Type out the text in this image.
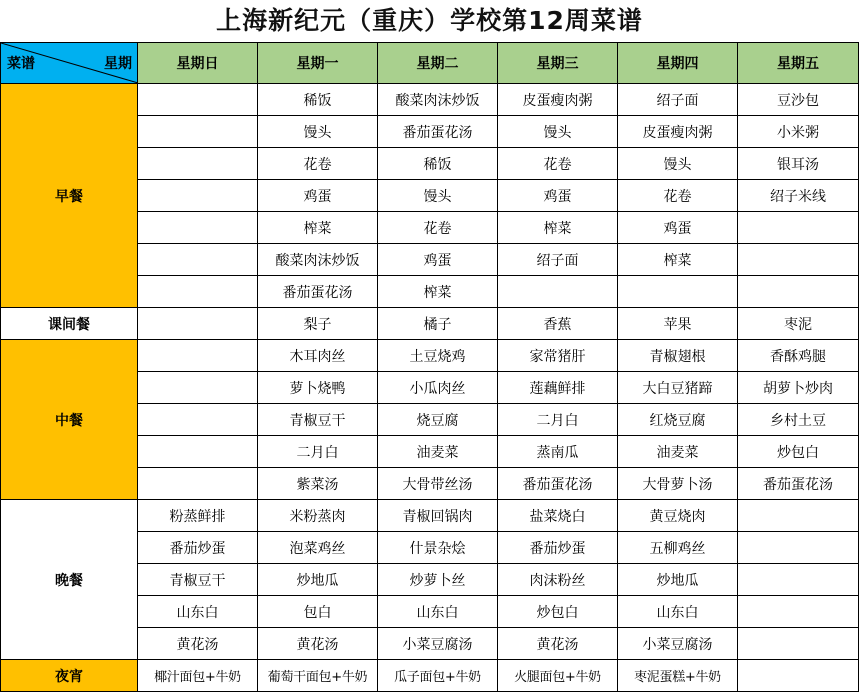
上海新纪元（重庆）学校第12周菜谱
菜谱 星期	星期日	星期一	星期二	星期三	星期四	星期五
早餐		稀饭	酸菜肉沫炒饭	皮蛋瘦肉粥	绍子面	豆沙包
		馒头	番茄蛋花汤	馒头	皮蛋瘦肉粥	小米粥
		花卷	稀饭	花卷	馒头	银耳汤
		鸡蛋	馒头	鸡蛋	花卷	绍子米线
		榨菜	花卷	榨菜	鸡蛋	
		酸菜肉沫炒饭	鸡蛋	绍子面	榨菜	
		番茄蛋花汤	榨菜			
课间餐		梨子	橘子	香蕉	苹果	枣泥
中餐		木耳肉丝	土豆烧鸡	家常猪肝	青椒翅根	香酥鸡腿
		萝卜烧鸭	小瓜肉丝	莲藕鲜排	大白豆猪蹄	胡萝卜炒肉
		青椒豆干	烧豆腐	二月白	红烧豆腐	乡村土豆
		二月白	油麦菜	蒸南瓜	油麦菜	炒包白
		紫菜汤	大骨带丝汤	番茄蛋花汤	大骨萝卜汤	番茄蛋花汤
晚餐	粉蒸鲜排	米粉蒸肉	青椒回锅肉	盐菜烧白	黄豆烧肉	
	番茄炒蛋	泡菜鸡丝	什景杂烩	番茄炒蛋	五柳鸡丝	
	青椒豆干	炒地瓜	炒萝卜丝	肉沫粉丝	炒地瓜	
	山东白	包白	山东白	炒包白	山东白	
	黄花汤	黄花汤	小菜豆腐汤	黄花汤	小菜豆腐汤	
夜宵	椰汁面包+牛奶	葡萄干面包+牛奶	瓜子面包+牛奶	火腿面包+牛奶	枣泥蛋糕+牛奶	
